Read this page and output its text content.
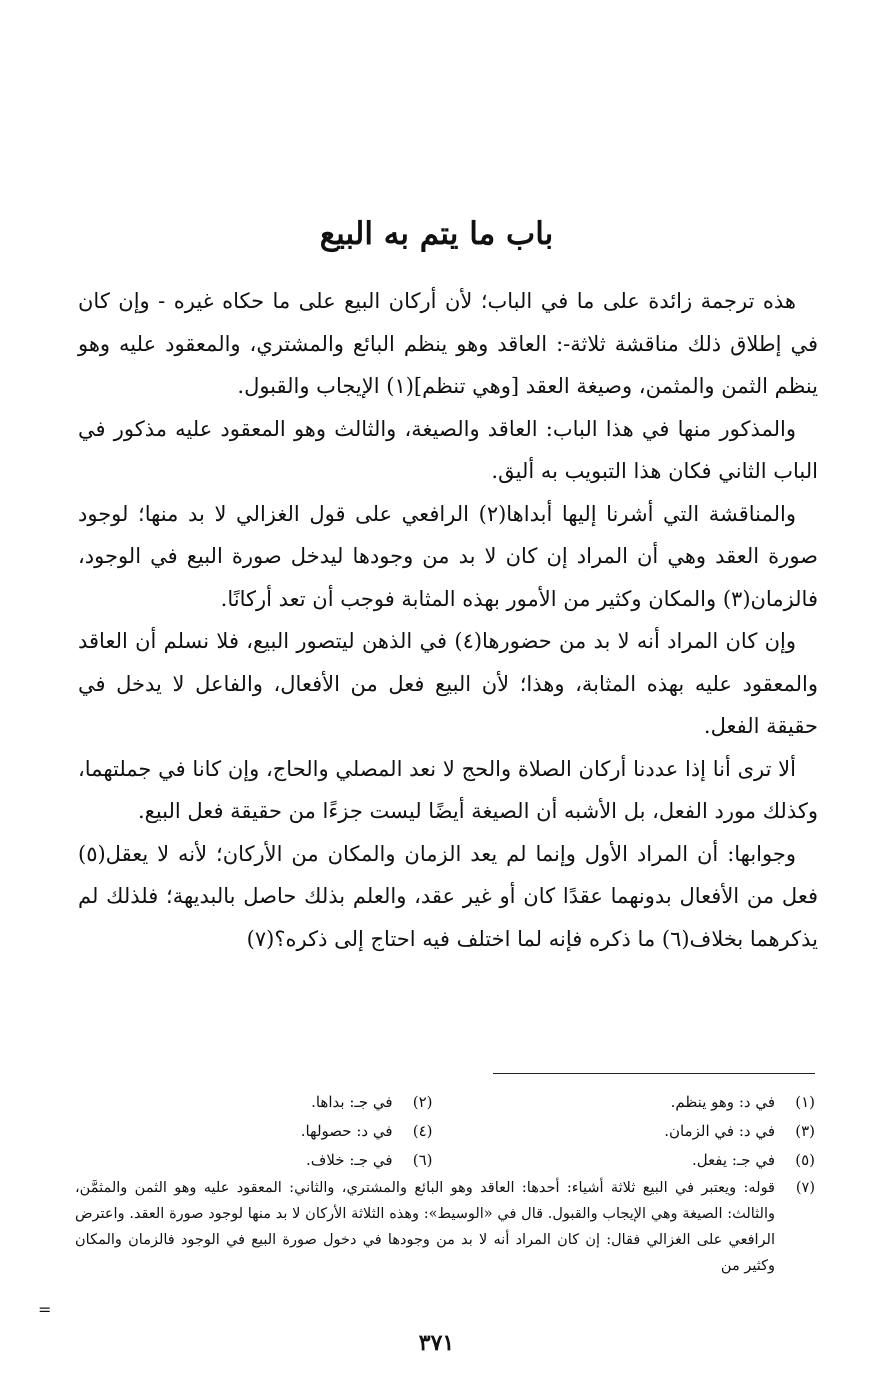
باب ما يتم به البيع

هذه ترجمة زائدة على ما في الباب؛ لأن أركان البيع على ما حكاه غيره - وإن كان في إطلاق ذلك مناقشة ثلاثة-: العاقد وهو ينظم البائع والمشتري، والمعقود عليه وهو ينظم الثمن والمثمن، وصيغة العقد [وهي تنظم](١) الإيجاب والقبول.

والمذكور منها في هذا الباب: العاقد والصيغة، والثالث وهو المعقود عليه مذكور في الباب الثاني فكان هذا التبويب به أليق.

والمناقشة التي أشرنا إليها أبداها(٢) الرافعي على قول الغزالي لا بد منها؛ لوجود صورة العقد وهي أن المراد إن كان لا بد من وجودها ليدخل صورة البيع في الوجود، فالزمان(٣) والمكان وكثير من الأمور بهذه المثابة فوجب أن تعد أركانًا.

وإن كان المراد أنه لا بد من حضورها(٤) في الذهن ليتصور البيع، فلا نسلم أن العاقد والمعقود عليه بهذه المثابة، وهذا؛ لأن البيع فعل من الأفعال، والفاعل لا يدخل في حقيقة الفعل.

ألا ترى أنا إذا عددنا أركان الصلاة والحج لا نعد المصلي والحاج، وإن كانا في جملتهما، وكذلك مورد الفعل، بل الأشبه أن الصيغة أيضًا ليست جزءًا من حقيقة فعل البيع.

وجوابها: أن المراد الأول وإنما لم يعد الزمان والمكان من الأركان؛ لأنه لا يعقل(٥) فعل من الأفعال بدونهما عقدًا كان أو غير عقد، والعلم بذلك حاصل بالبديهة؛ فلذلك لم يذكرهما بخلاف(٦) ما ذكره فإنه لما اختلف فيه احتاج إلى ذكره؟(٧)

(١)
في د: وهو ينظم.
(٢)
في جـ: بداها.
(٣)
في د: في الزمان.
(٤)
في د: حصولها.
(٥)
في جـ: يفعل.
(٦)
في جـ: خلاف.
(٧)
قوله: ويعتبر في البيع ثلاثة أشياء: أحدها: العاقد وهو البائع والمشتري، والثاني: المعقود عليه وهو الثمن والمثمَّن، والثالث: الصيغة وهي الإيجاب والقبول. قال في «الوسيط»: وهذه الثلاثة الأركان لا بد منها لوجود صورة العقد. واعترض الرافعي على الغزالي فقال: إن كان المراد أنه لا بد من وجودها في دخول صورة البيع في الوجود فالزمان والمكان وكثير من
=
٣٧١
